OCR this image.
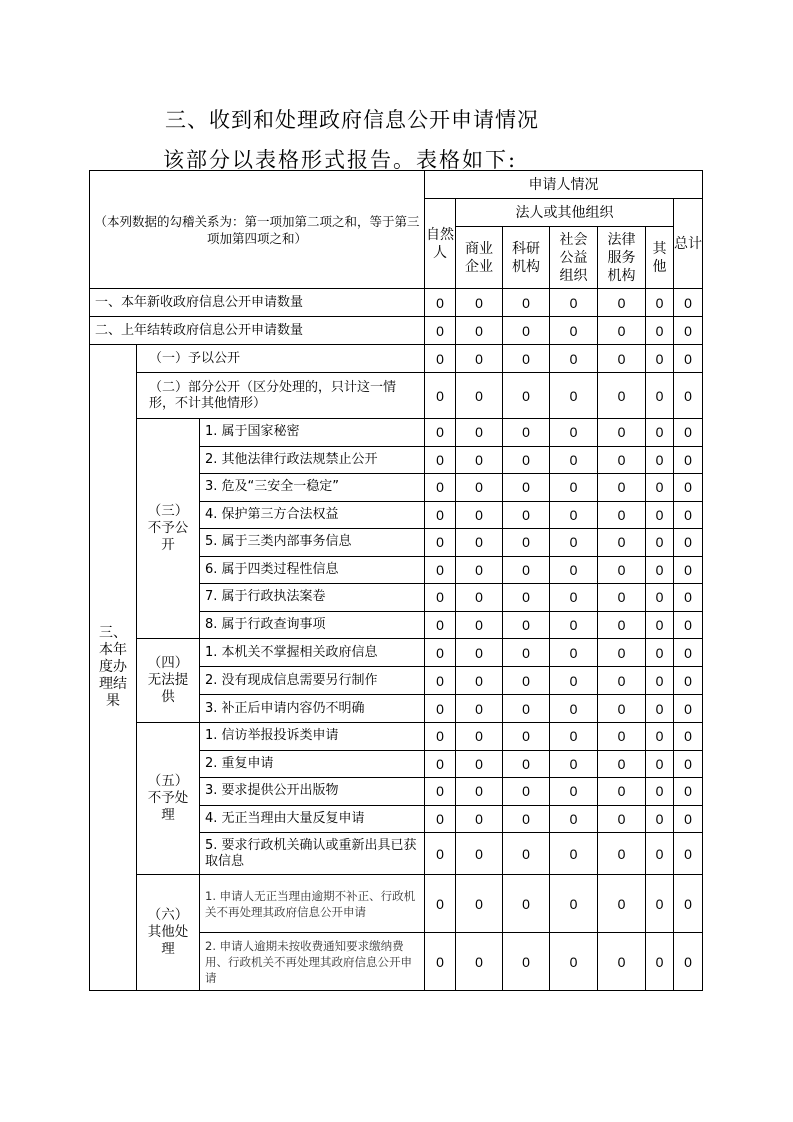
三、收到和处理政府信息公开申请情况
该部分以表格形式报告。表格如下:
（本列数据的勾稽关系为：第一项加第二项之和，等于第三项加第四项之和）			申请人情况						
			自然人	法人或其他组织					总计
				商业企业	科研机构	社会公益组织	法律服务机构	其他	
一、本年新收政府信息公开申请数量			0	0	0	0	0	0	0
二、上年结转政府信息公开申请数量			0	0	0	0	0	0	0
三、本年度办理结果	（一）予以公开		0	0	0	0	0	0	0
	（二）部分公开（区分处理的，只计这一情形，不计其他情形）		0	0	0	0	0	0	0
	（三）不予公开	1. 属于国家秘密	0	0	0	0	0	0	0
		2. 其他法律行政法规禁止公开	0	0	0	0	0	0	0
		3. 危及“三安全一稳定”	0	0	0	0	0	0	0
		4. 保护第三方合法权益	0	0	0	0	0	0	0
		5. 属于三类内部事务信息	0	0	0	0	0	0	0
		6. 属于四类过程性信息	0	0	0	0	0	0	0
		7. 属于行政执法案卷	0	0	0	0	0	0	0
		8. 属于行政查询事项	0	0	0	0	0	0	0
	（四）无法提供	1. 本机关不掌握相关政府信息	0	0	0	0	0	0	0
		2. 没有现成信息需要另行制作	0	0	0	0	0	0	0
		3. 补正后申请内容仍不明确	0	0	0	0	0	0	0
	（五）不予处理	1. 信访举报投诉类申请	0	0	0	0	0	0	0
		2. 重复申请	0	0	0	0	0	0	0
		3. 要求提供公开出版物	0	0	0	0	0	0	0
		4. 无正当理由大量反复申请	0	0	0	0	0	0	0
		5. 要求行政机关确认或重新出具已获取信息	0	0	0	0	0	0	0
	（六）其他处理	1. 申请人无正当理由逾期不补正、行政机关不再处理其政府信息公开申请	0	0	0	0	0	0	0
		2. 申请人逾期未按收费通知要求缴纳费用、行政机关不再处理其政府信息公开申请	0	0	0	0	0	0	0
